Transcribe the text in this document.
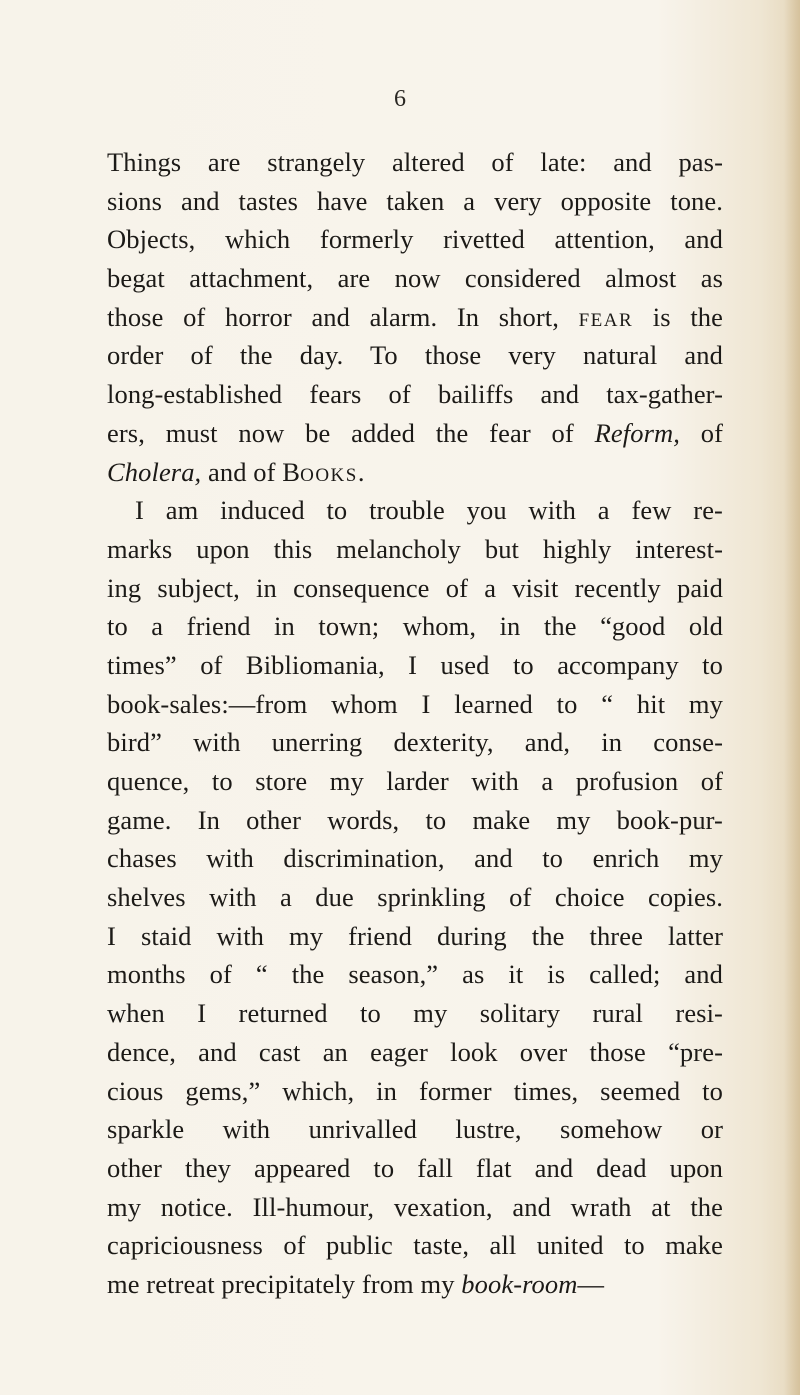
6
Things are strangely altered of late: and pas-
sions and tastes have taken a very opposite tone.
Objects, which formerly rivetted attention, and
begat attachment, are now considered almost as
those of horror and alarm. In short, fear is the
order of the day. To those very natural and
long-established fears of bailiffs and tax-gather-
ers, must now be added the fear of Reform, of
Cholera, and of Books.
I am induced to trouble you with a few re-
marks upon this melancholy but highly interest-
ing subject, in consequence of a visit recently paid
to a friend in town; whom, in the “good old
times” of Bibliomania, I used to accompany to
book-sales:—from whom I learned to “ hit my
bird” with unerring dexterity, and, in conse-
quence, to store my larder with a profusion of
game. In other words, to make my book-pur-
chases with discrimination, and to enrich my
shelves with a due sprinkling of choice copies.
I staid with my friend during the three latter
months of “ the season,” as it is called; and
when I returned to my solitary rural resi-
dence, and cast an eager look over those “pre-
cious gems,” which, in former times, seemed to
sparkle with unrivalled lustre, somehow or
other they appeared to fall flat and dead upon
my notice. Ill-humour, vexation, and wrath at the
capriciousness of public taste, all united to make
me retreat precipitately from my book-room—
